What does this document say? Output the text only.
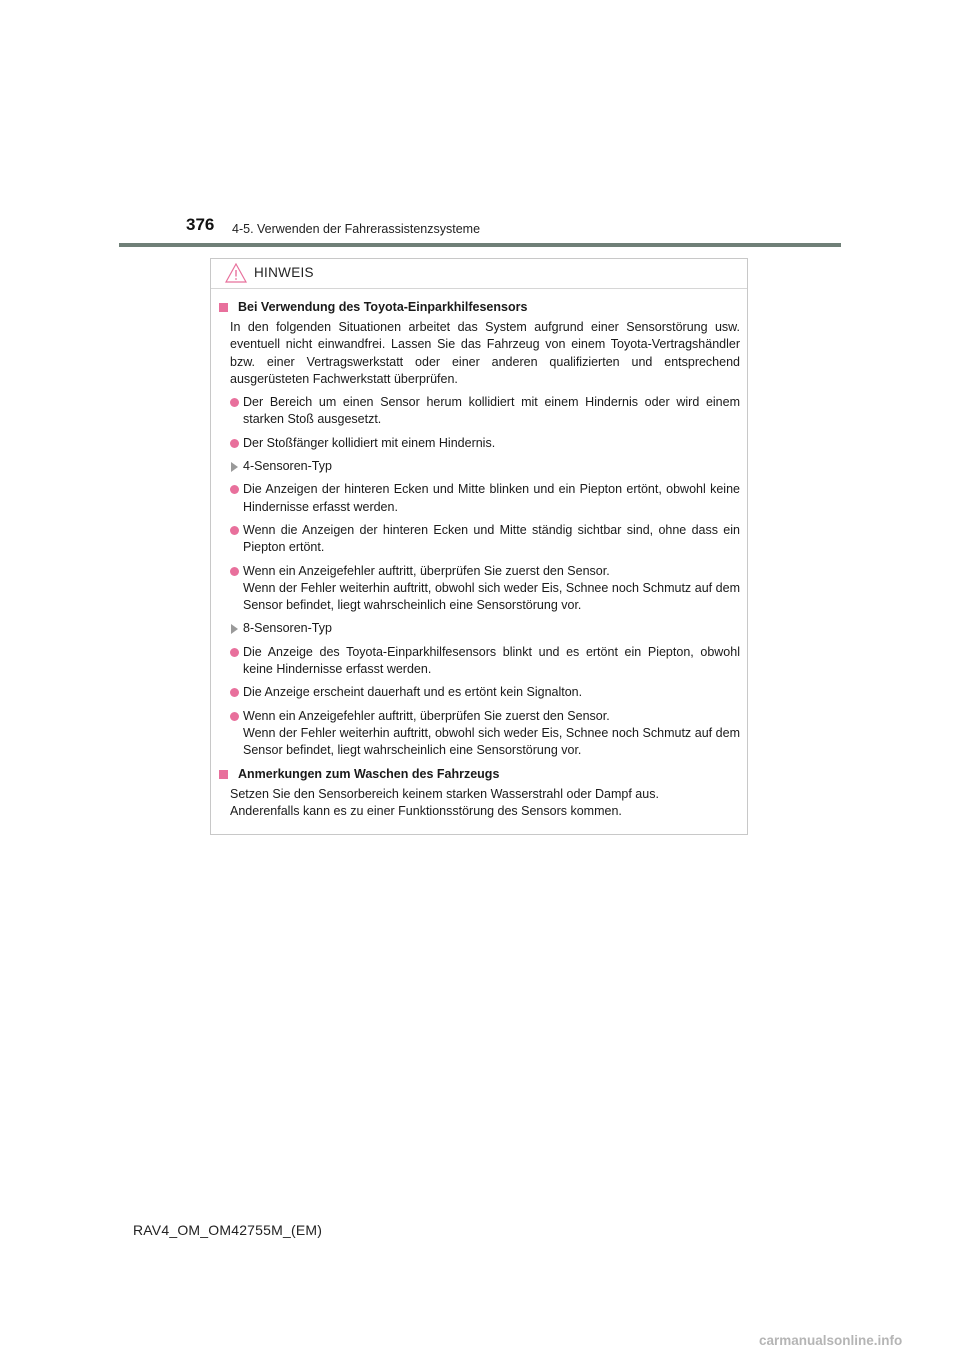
376 4-5. Verwenden der Fahrerassistenzsysteme
HINWEIS
Bei Verwendung des Toyota-Einparkhilfesensors
In den folgenden Situationen arbeitet das System aufgrund einer Sensorstörung usw. eventuell nicht einwandfrei. Lassen Sie das Fahrzeug von einem Toyota-Vertragshändler bzw. einer Vertragswerkstatt oder einer anderen qualifizierten und entsprechend ausgerüsteten Fachwerkstatt überprüfen.
Der Bereich um einen Sensor herum kollidiert mit einem Hindernis oder wird einem starken Stoß ausgesetzt.
Der Stoßfänger kollidiert mit einem Hindernis.
4-Sensoren-Typ
Die Anzeigen der hinteren Ecken und Mitte blinken und ein Piepton ertönt, obwohl keine Hindernisse erfasst werden.
Wenn die Anzeigen der hinteren Ecken und Mitte ständig sichtbar sind, ohne dass ein Piepton ertönt.
Wenn ein Anzeigefehler auftritt, überprüfen Sie zuerst den Sensor.
Wenn der Fehler weiterhin auftritt, obwohl sich weder Eis, Schnee noch Schmutz auf dem Sensor befindet, liegt wahrscheinlich eine Sensorstörung vor.
8-Sensoren-Typ
Die Anzeige des Toyota-Einparkhilfesensors blinkt und es ertönt ein Piepton, obwohl keine Hindernisse erfasst werden.
Die Anzeige erscheint dauerhaft und es ertönt kein Signalton.
Wenn ein Anzeigefehler auftritt, überprüfen Sie zuerst den Sensor.
Wenn der Fehler weiterhin auftritt, obwohl sich weder Eis, Schnee noch Schmutz auf dem Sensor befindet, liegt wahrscheinlich eine Sensorstörung vor.
Anmerkungen zum Waschen des Fahrzeugs
Setzen Sie den Sensorbereich keinem starken Wasserstrahl oder Dampf aus.
Anderenfalls kann es zu einer Funktionsstörung des Sensors kommen.
RAV4_OM_OM42755M_(EM)
carmanualsonline.info
